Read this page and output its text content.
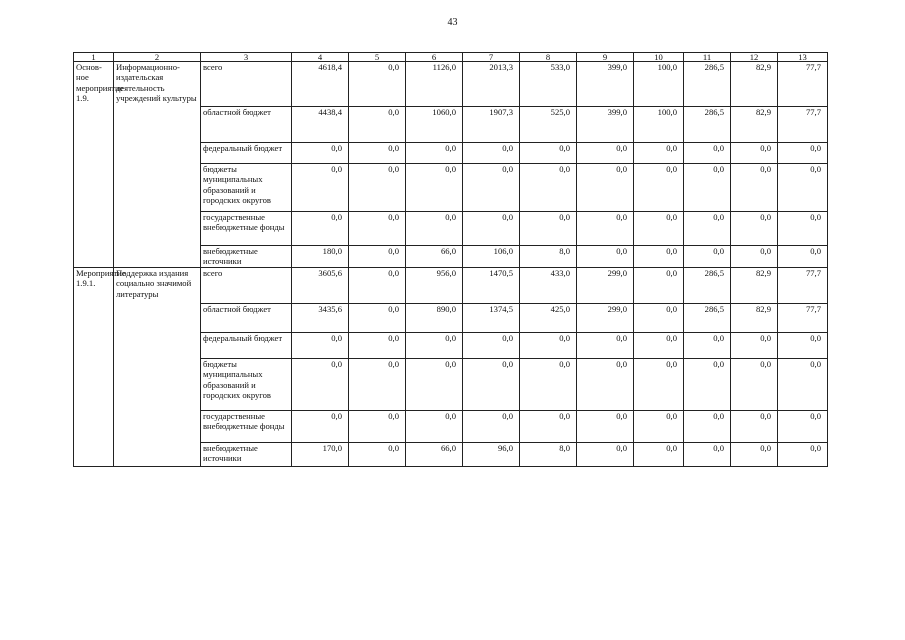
43
1	2	3	4	5	6	7	8	9	10	11	12	13
Основ-ное мероприятие 1.9.	Информационно-издательская деятельность учреждений культуры	всего	4618,4	0,0	1126,0	2013,3	533,0	399,0	100,0	286,5	82,9	77,7
		областной бюджет	4438,4	0,0	1060,0	1907,3	525,0	399,0	100,0	286,5	82,9	77,7
		федеральный бюджет	0,0	0,0	0,0	0,0	0,0	0,0	0,0	0,0	0,0	0,0
		бюджеты муниципальных образований и городских округов	0,0	0,0	0,0	0,0	0,0	0,0	0,0	0,0	0,0	0,0
		государственные внебюджетные фонды	0,0	0,0	0,0	0,0	0,0	0,0	0,0	0,0	0,0	0,0
		внебюджетные источники	180,0	0,0	66,0	106,0	8,0	0,0	0,0	0,0	0,0	0,0
Мероприятие 1.9.1.	Поддержка издания социально значимой литературы	всего	3605,6	0,0	956,0	1470,5	433,0	299,0	0,0	286,5	82,9	77,7
		областной бюджет	3435,6	0,0	890,0	1374,5	425,0	299,0	0,0	286,5	82,9	77,7
		федеральный бюджет	0,0	0,0	0,0	0,0	0,0	0,0	0,0	0,0	0,0	0,0
		бюджеты муниципальных образований и городских округов	0,0	0,0	0,0	0,0	0,0	0,0	0,0	0,0	0,0	0,0
		государственные внебюджетные фонды	0,0	0,0	0,0	0,0	0,0	0,0	0,0	0,0	0,0	0,0
		внебюджетные источники	170,0	0,0	66,0	96,0	8,0	0,0	0,0	0,0	0,0	0,0
